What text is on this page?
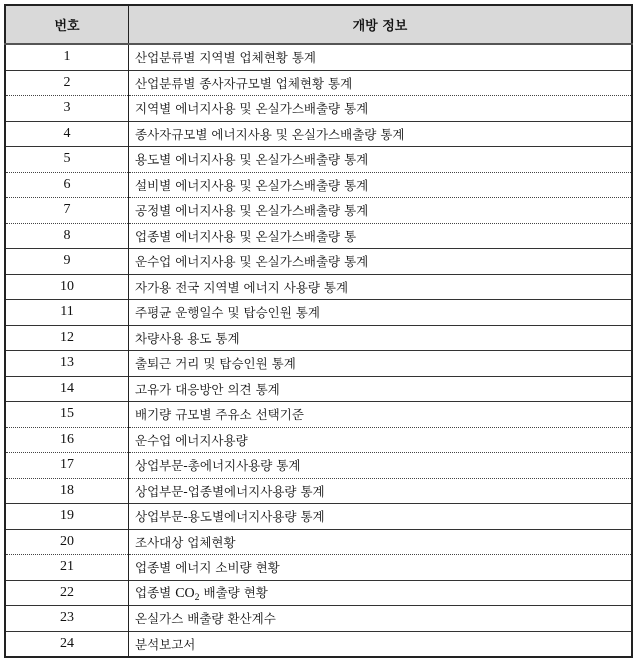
번호	개방 정보
1	산업분류별 지역별 업체현황 통계
2	산업분류별 종사자규모별 업체현황 통계
3	지역별 에너지사용 및 온실가스배출량 통계
4	종사자규모별 에너지사용 및 온실가스배출량 통계
5	용도별 에너지사용 및 온실가스배출량 통계
6	설비별 에너지사용 및 온실가스배출량 통계
7	공정별 에너지사용 및 온실가스배출량 통계
8	업종별 에너지사용 및 온실가스배출량 통
9	운수업 에너지사용 및 온실가스배출량 통계
10	자가용 전국 지역별 에너지 사용량 통계
11	주평균 운행일수 및 탑승인원 통계
12	차량사용 용도 통계
13	출퇴근 거리 및 탑승인원 통계
14	고유가 대응방안 의견 통계
15	배기량 규모별 주유소 선택기준
16	운수업 에너지사용량
17	상업부문-총에너지사용량 통계
18	상업부문-업종별에너지사용량 통계
19	상업부문-용도별에너지사용량 통계
20	조사대상 업체현황
21	업종별 에너지 소비량 현황
22	업종별 $CO_2$ 배출량 현황
23	온실가스 배출량 환산계수
24	분석보고서
